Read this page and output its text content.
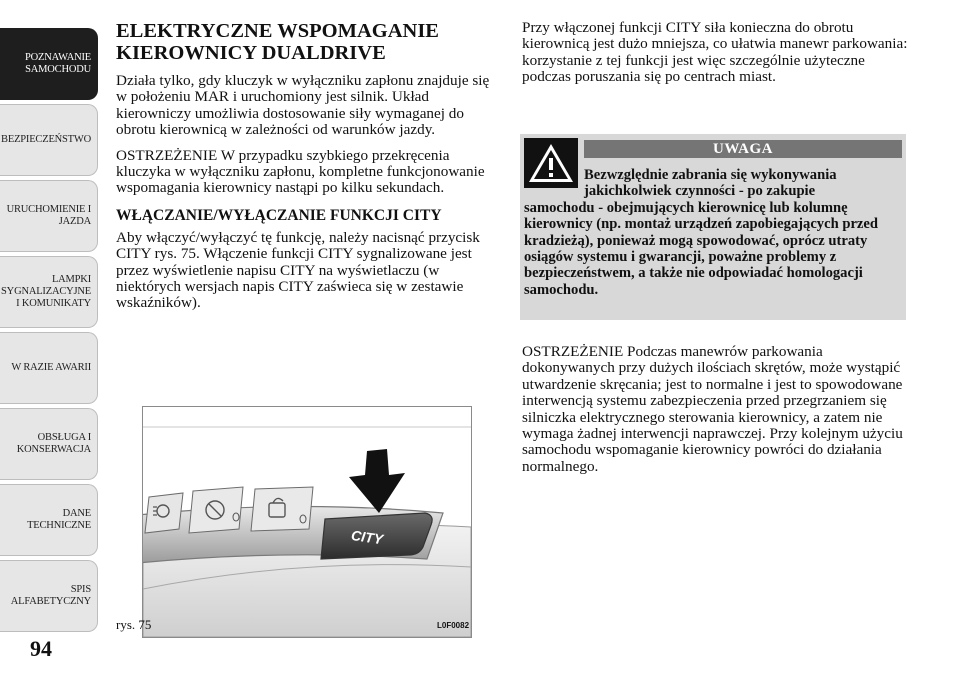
POZNAWANIE
SAMOCHODU
BEZPIECZEŃSTWO
URUCHOMIENIE I
JAZDA
LAMPKI
SYGNALIZACYJNE
I KOMUNIKATY
W RAZIE AWARII
OBSŁUGA I
KONSERWACJA
DANE
TECHNICZNE
SPIS
ALFABETYCZNY
94
ELEKTRYCZNE WSPOMAGANIE KIEROWNICY DUALDRIVE

Działa tylko, gdy kluczyk w wyłączniku zapłonu znajduje się w położeniu MAR i uruchomiony jest silnik. Układ kierowniczy umożliwia dostosowanie siły wymaganej do obrotu kierownicą w zależności od warunków jazdy.

OSTRZEŻENIE W przypadku szybkiego przekręcenia kluczyka w wyłączniku zapłonu, kompletne funkcjonowanie wspomagania kierownicy nastąpi po kilku sekundach.

WŁĄCZANIE/WYŁĄCZANIE FUNKCJI CITY

Aby włączyć/wyłączyć tę funkcję, należy nacisnąć przycisk CITY rys. 75. Włączenie funkcji CITY sygnalizowane jest przez wyświetlenie napisu CITY na wyświetlaczu (w niektórych wersjach napis CITY zaświeca się w zestawie wskaźników).

CITY
rys. 75	L0F0082

Przy włączonej funkcji CITY siła konieczna do obrotu kierownicą jest dużo mniejsza, co ułatwia manewr parkowania: korzystanie z tej funkcji jest więc szczególnie użyteczne podczas poruszania się po centrach miast.

UWAGA
Bezwzględnie zabrania się wykonywania jakichkolwiek czynności - po zakupie
samochodu - obejmujących kierownicę lub kolumnę kierownicy (np. montaż urządzeń zapobiegających przed kradzieżą), ponieważ mogą spowodować, oprócz utraty osiągów systemu i gwarancji, poważne problemy z bezpieczeństwem, a także nie odpowiadać homologacji samochodu.

OSTRZEŻENIE Podczas manewrów parkowania dokonywanych przy dużych ilościach skrętów, może wystąpić utwardzenie skręcania; jest to normalne i jest to spowodowane interwencją systemu zabezpieczenia przed przegrzaniem się silniczka elektrycznego sterowania kierownicy, a zatem nie wymaga żadnej interwencji naprawczej. Przy kolejnym użyciu samochodu wspomaganie kierownicy powróci do działania normalnego.
